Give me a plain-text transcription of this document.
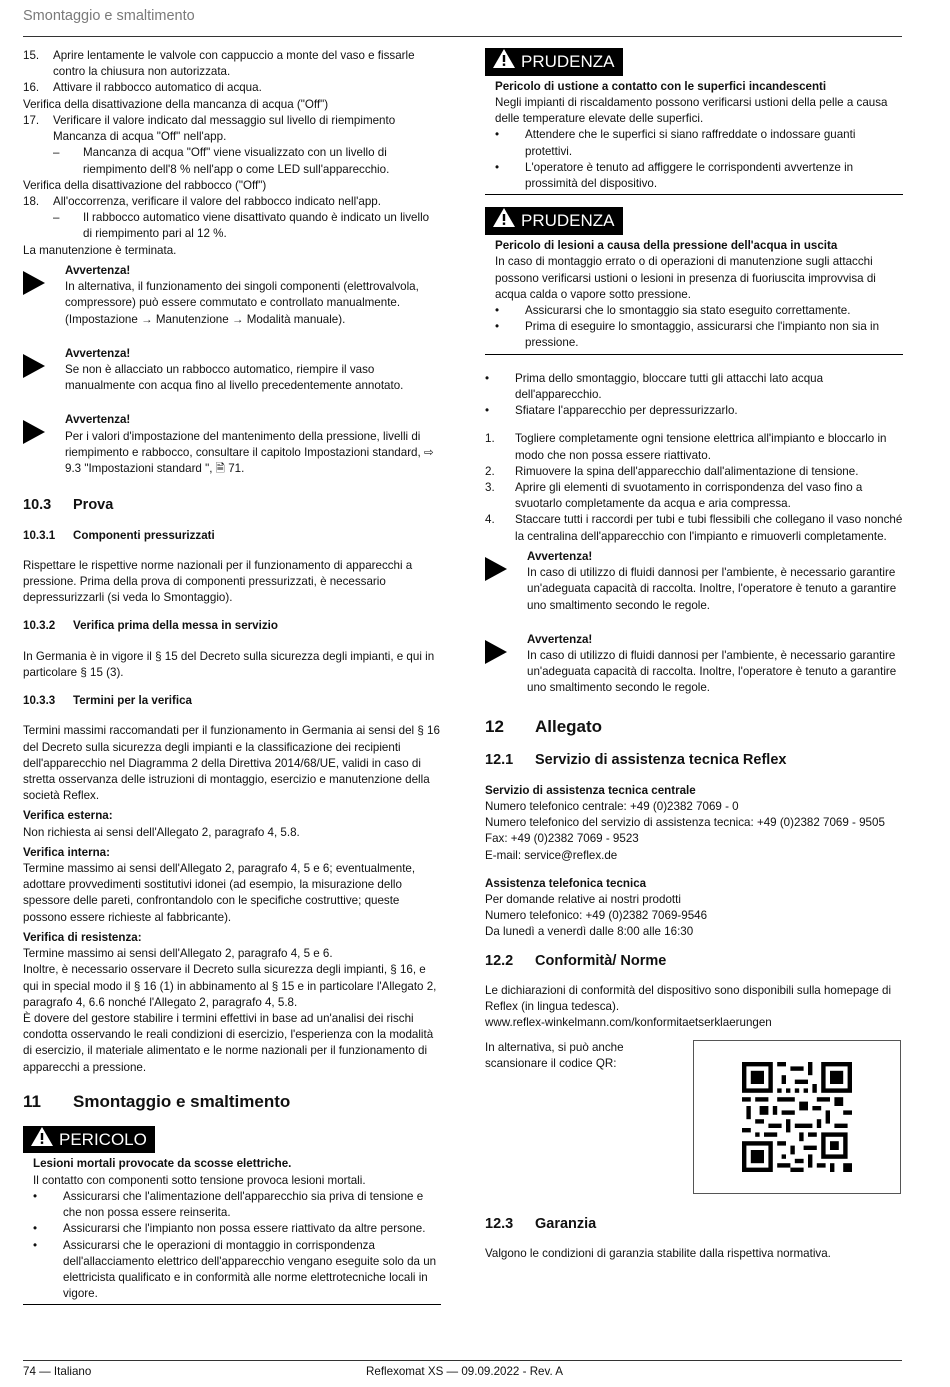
Smontaggio e smaltimento
15.	Aprire lentamente le valvole con cappuccio a monte del vaso e fissarle contro la chiusura non autorizzata.
16.	Attivare il rabbocco automatico di acqua.
Verifica della disattivazione della mancanza di acqua ("Off")
17.	Verificare il valore indicato dal messaggio sul livello di riempimento Mancanza di acqua "Off" nell'app.
–	Mancanza di acqua "Off" viene visualizzato con un livello di riempimento dell'8 % nell'app o come LED sull'apparecchio.
Verifica della disattivazione del rabbocco ("Off")
18.	All'occorrenza, verificare il valore del rabbocco indicato nell'app.
–	Il rabbocco automatico viene disattivato quando è indicato un livello di riempimento pari al 12 %.
La manutenzione è terminata.
Avvertenza!
In alternativa, il funzionamento dei singoli componenti (elettrovalvola, compressore) può essere commutato e controllato manualmente. (Impostazione → Manutenzione → Modalità manuale).
Avvertenza!
Se non è allacciato un rabbocco automatico, riempire il vaso manualmente con acqua fino al livello precedentemente annotato.
Avvertenza!
Per i valori d'impostazione del mantenimento della pressione, livelli di riempimento e rabbocco, consultare il capitolo Impostazioni standard, ⇨ 9.3 "Impostazioni standard ", 🗎 71.
10.3 Prova
10.3.1 Componenti pressurizzati

Rispettare le rispettive norme nazionali per il funzionamento di apparecchi a pressione. Prima della prova di componenti pressurizzati, è necessario depressurizzarli (si veda lo Smontaggio).

10.3.2 Verifica prima della messa in servizio

In Germania è in vigore il § 15 del Decreto sulla sicurezza degli impianti, e qui in particolare § 15 (3).

10.3.3 Termini per la verifica

Termini massimi raccomandati per il funzionamento in Germania ai sensi del § 16 del Decreto sulla sicurezza degli impianti e la classificazione dei recipienti dell'apparecchio nel Diagramma 2 della Direttiva 2014/68/UE, validi in caso di stretta osservanza delle istruzioni di montaggio, esercizio e manutenzione della società Reflex.

Verifica esterna:
Non richiesta ai sensi dell'Allegato 2, paragrafo 4, 5.8.
Verifica interna:
Termine massimo ai sensi dell'Allegato 2, paragrafo 4, 5 e 6; eventualmente, adottare provvedimenti sostitutivi idonei (ad esempio, la misurazione dello spessore delle pareti, confrontandolo con le specifiche costruttive; queste possono essere richieste al fabbricante).
Verifica di resistenza:
Termine massimo ai sensi dell'Allegato 2, paragrafo 4, 5 e 6.
Inoltre, è necessario osservare il Decreto sulla sicurezza degli impianti, § 16, e qui in special modo il § 16 (1) in abbinamento al § 15 e in particolare l'Allegato 2, paragrafo 4, 6.6 nonché l'Allegato 2, paragrafo 4, 5.8.
È dovere del gestore stabilire i termini effettivi in base ad un'analisi dei rischi condotta osservando le reali condizioni di esercizio, l'esperienza con la modalità di esercizio, il materiale alimentato e le norme nazionali per il funzionamento di apparecchi a pressione.
11 Smontaggio e smaltimento
PERICOLO
Lesioni mortali provocate da scosse elettriche.
Il contatto con componenti sotto tensione provoca lesioni mortali.
•	Assicurarsi che l'alimentazione dell'apparecchio sia priva di tensione e che non possa essere reinserita.
•	Assicurarsi che l'impianto non possa essere riattivato da altre persone.
•	Assicurarsi che le operazioni di montaggio in corrispondenza dell'allacciamento elettrico dell'apparecchio vengano eseguite solo da un elettricista qualificato e in conformità alle norme elettrotecniche locali in vigore.
PRUDENZA
Pericolo di ustione a contatto con le superfici incandescenti
Negli impianti di riscaldamento possono verificarsi ustioni della pelle a causa delle temperature elevate delle superfici.
•	Attendere che le superfici si siano raffreddate o indossare guanti protettivi.
•	L'operatore è tenuto ad affiggere le corrispondenti avvertenze in prossimità del dispositivo.
PRUDENZA
Pericolo di lesioni a causa della pressione dell'acqua in uscita
In caso di montaggio errato o di operazioni di manutenzione sugli attacchi possono verificarsi ustioni o lesioni in presenza di fuoriuscita improvvisa di acqua calda o vapore sotto pressione.
•	Assicurarsi che lo smontaggio sia stato eseguito correttamente.
•	Prima di eseguire lo smontaggio, assicurarsi che l'impianto non sia in pressione.
•	Prima dello smontaggio, bloccare tutti gli attacchi lato acqua dell'apparecchio.
•	Sfiatare l'apparecchio per depressurizzarlo.
1.	Togliere completamente ogni tensione elettrica all'impianto e bloccarlo in modo che non possa essere riattivato.
2.	Rimuovere la spina dell'apparecchio dall'alimentazione di tensione.
3.	Aprire gli elementi di svuotamento in corrispondenza del vaso fino a svuotarlo completamente da acqua e aria compressa.
4.	Staccare tutti i raccordi per tubi e tubi flessibili che collegano il vaso nonché la centralina dell'apparecchio con l'impianto e rimuoverli completamente.
Avvertenza!
In caso di utilizzo di fluidi dannosi per l'ambiente, è necessario garantire un'adeguata capacità di raccolta. Inoltre, l'operatore è tenuto a garantire uno smaltimento secondo le regole.
Avvertenza!
In caso di utilizzo di fluidi dannosi per l'ambiente, è necessario garantire un'adeguata capacità di raccolta. Inoltre, l'operatore è tenuto a garantire uno smaltimento secondo le regole.
12 Allegato
12.1 Servizio di assistenza tecnica Reflex
Servizio di assistenza tecnica centrale
Numero telefonico centrale: +49 (0)2382 7069 - 0
Numero telefonico del servizio di assistenza tecnica: +49 (0)2382 7069 - 9505
Fax: +49 (0)2382 7069 - 9523
E-mail: service@reflex.de
Assistenza telefonica tecnica
Per domande relative ai nostri prodotti
Numero telefonico: +49 (0)2382 7069-9546
Da lunedì a venerdì dalle 8:00 alle 16:30
12.2 Conformità/ Norme
Le dichiarazioni di conformità del dispositivo sono disponibili sulla homepage di Reflex (in lingua tedesca).
www.reflex-winkelmann.com/konformitaetserklaerungen
In alternativa, si può anche scansionare il codice QR:
12.3 Garanzia
Valgono le condizioni di garanzia stabilite dalla rispettiva normativa.
74 — Italiano	Reflexomat XS — 09.09.2022 - Rev. A
